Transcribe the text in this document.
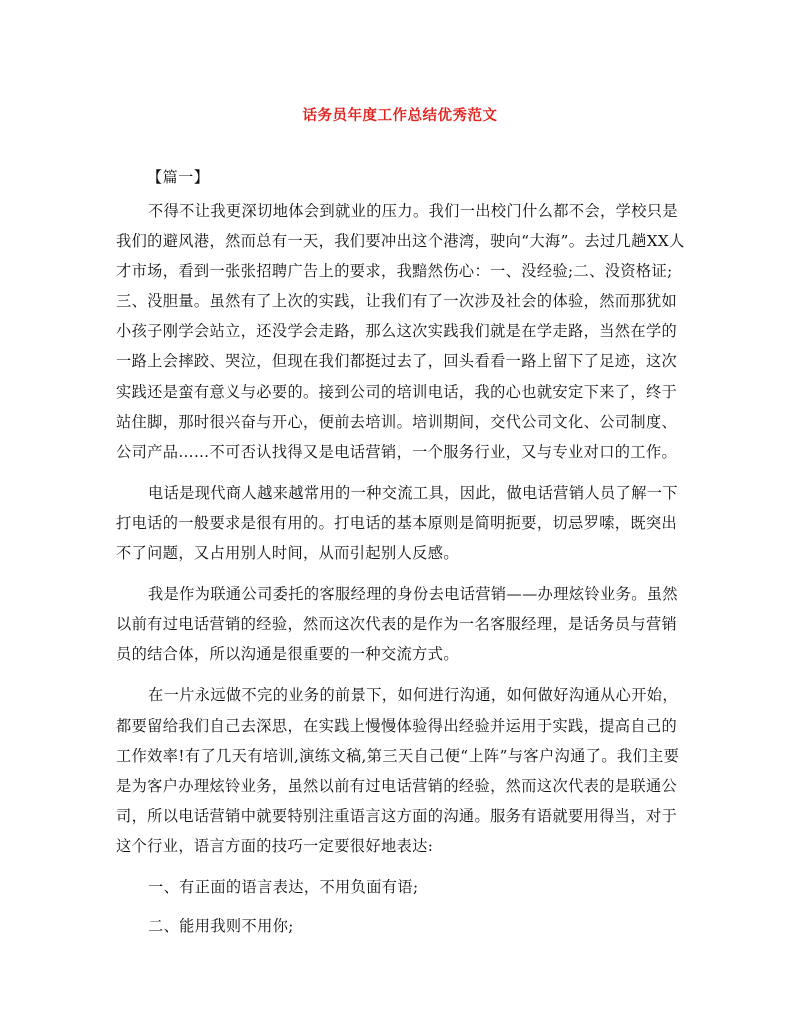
话务员年度工作总结优秀范文
【篇一】

不得不让我更深切地体会到就业的压力。我们一出校门什么都不会，学校只是我们的避风港，然而总有一天，我们要冲出这个港湾，驶向“大海”。去过几趟XX人才市场，看到一张张招聘广告上的要求，我黯然伤心：一、没经验;二、没资格证;三、没胆量。虽然有了上次的实践，让我们有了一次涉及社会的体验，然而那犹如小孩子刚学会站立，还没学会走路，那么这次实践我们就是在学走路，当然在学的一路上会摔跤、哭泣，但现在我们都挺过去了，回头看看一路上留下了足迹，这次实践还是蛮有意义与必要的。接到公司的培训电话，我的心也就安定下来了，终于站住脚，那时很兴奋与开心，便前去培训。培训期间，交代公司文化、公司制度、公司产品……不可否认找得又是电话营销，一个服务行业，又与专业对口的工作。

电话是现代商人越来越常用的一种交流工具，因此，做电话营销人员了解一下打电话的一般要求是很有用的。打电话的基本原则是简明扼要，切忌罗嗦，既突出不了问题，又占用别人时间，从而引起别人反感。

我是作为联通公司委托的客服经理的身份去电话营销——办理炫铃业务。虽然以前有过电话营销的经验，然而这次代表的是作为一名客服经理，是话务员与营销员的结合体，所以沟通是很重要的一种交流方式。

在一片永远做不完的业务的前景下，如何进行沟通，如何做好沟通从心开始，都要留给我们自己去深思，在实践上慢慢体验得出经验并运用于实践，提高自己的工作效率!有了几天有培训,演练文稿,第三天自己便“上阵”与客户沟通了。我们主要是为客户办理炫铃业务，虽然以前有过电话营销的经验，然而这次代表的是联通公司，所以电话营销中就要特别注重语言这方面的沟通。服务有语就要用得当，对于这个行业，语言方面的技巧一定要很好地表达:

一、有正面的语言表达，不用负面有语;

二、能用我则不用你;
